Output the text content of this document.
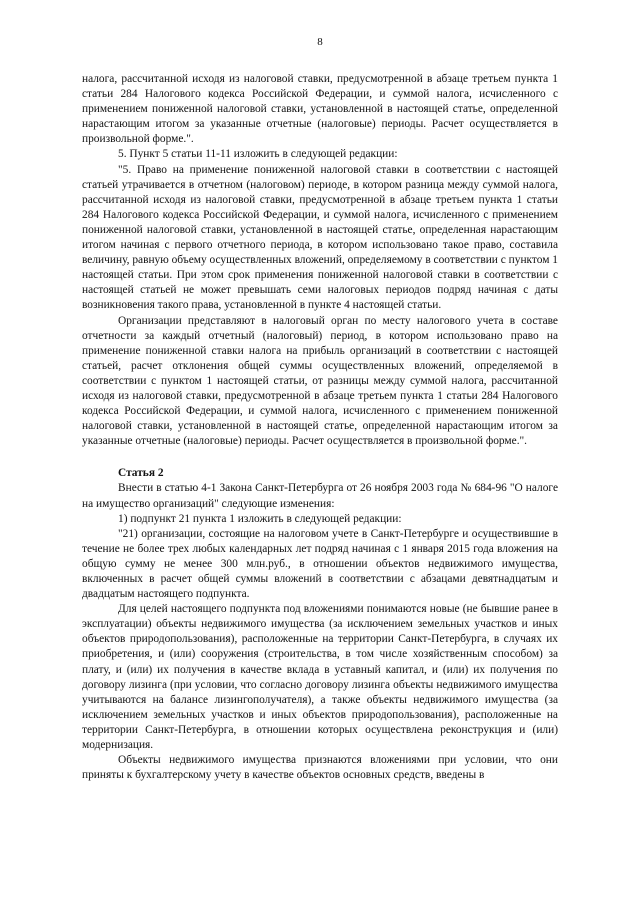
8

налога, рассчитанной исходя из налоговой ставки, предусмотренной в абзаце третьем пункта 1 статьи 284 Налогового кодекса Российской Федерации, и суммой налога, исчисленного с применением пониженной налоговой ставки, установленной в настоящей статье, определенной нарастающим итогом за указанные отчетные (налоговые) периоды. Расчет осуществляется в произвольной форме.".

5. Пункт 5 статьи 11-11 изложить в следующей редакции:

"5. Право на применение пониженной налоговой ставки в соответствии с настоящей статьей утрачивается в отчетном (налоговом) периоде, в котором разница между суммой налога, рассчитанной исходя из налоговой ставки, предусмотренной в абзаце третьем пункта 1 статьи 284 Налогового кодекса Российской Федерации, и суммой налога, исчисленного с применением пониженной налоговой ставки, установленной в настоящей статье, определенная нарастающим итогом начиная с первого отчетного периода, в котором использовано такое право, составила величину, равную объему осуществленных вложений, определяемому в соответствии с пунктом 1 настоящей статьи. При этом срок применения пониженной налоговой ставки в соответствии с настоящей статьей не может превышать семи налоговых периодов подряд начиная с даты возникновения такого права, установленной в пункте 4 настоящей статьи.

Организации представляют в налоговый орган по месту налогового учета в составе отчетности за каждый отчетный (налоговый) период, в котором использовано право на применение пониженной ставки налога на прибыль организаций в соответствии с настоящей статьей, расчет отклонения общей суммы осуществленных вложений, определяемой в соответствии с пунктом 1 настоящей статьи, от разницы между суммой налога, рассчитанной исходя из налоговой ставки, предусмотренной в абзаце третьем пункта 1 статьи 284 Налогового кодекса Российской Федерации, и суммой налога, исчисленного с применением пониженной налоговой ставки, установленной в настоящей статье, определенной нарастающим итогом за указанные отчетные (налоговые) периоды. Расчет осуществляется в произвольной форме.".

Статья 2

Внести в статью 4-1 Закона Санкт-Петербурга от 26 ноября 2003 года № 684-96 "О налоге на имущество организаций" следующие изменения:

1) подпункт 21 пункта 1 изложить в следующей редакции:

"21) организации, состоящие на налоговом учете в Санкт-Петербурге и осуществившие в течение не более трех любых календарных лет подряд начиная с 1 января 2015 года вложения на общую сумму не менее 300 млн.руб., в отношении объектов недвижимого имущества, включенных в расчет общей суммы вложений в соответствии с абзацами девятнадцатым и двадцатым настоящего подпункта.

Для целей настоящего подпункта под вложениями понимаются новые (не бывшие ранее в эксплуатации) объекты недвижимого имущества (за исключением земельных участков и иных объектов природопользования), расположенные на территории Санкт-Петербурга, в случаях их приобретения, и (или) сооружения (строительства, в том числе хозяйственным способом) за плату, и (или) их получения в качестве вклада в уставный капитал, и (или) их получения по договору лизинга (при условии, что согласно договору лизинга объекты недвижимого имущества учитываются на балансе лизингополучателя), а также объекты недвижимого имущества (за исключением земельных участков и иных объектов природопользования), расположенные на территории Санкт-Петербурга, в отношении которых осуществлена реконструкция и (или) модернизация.

Объекты недвижимого имущества признаются вложениями при условии, что они приняты к бухгалтерскому учету в качестве объектов основных средств, введены в
